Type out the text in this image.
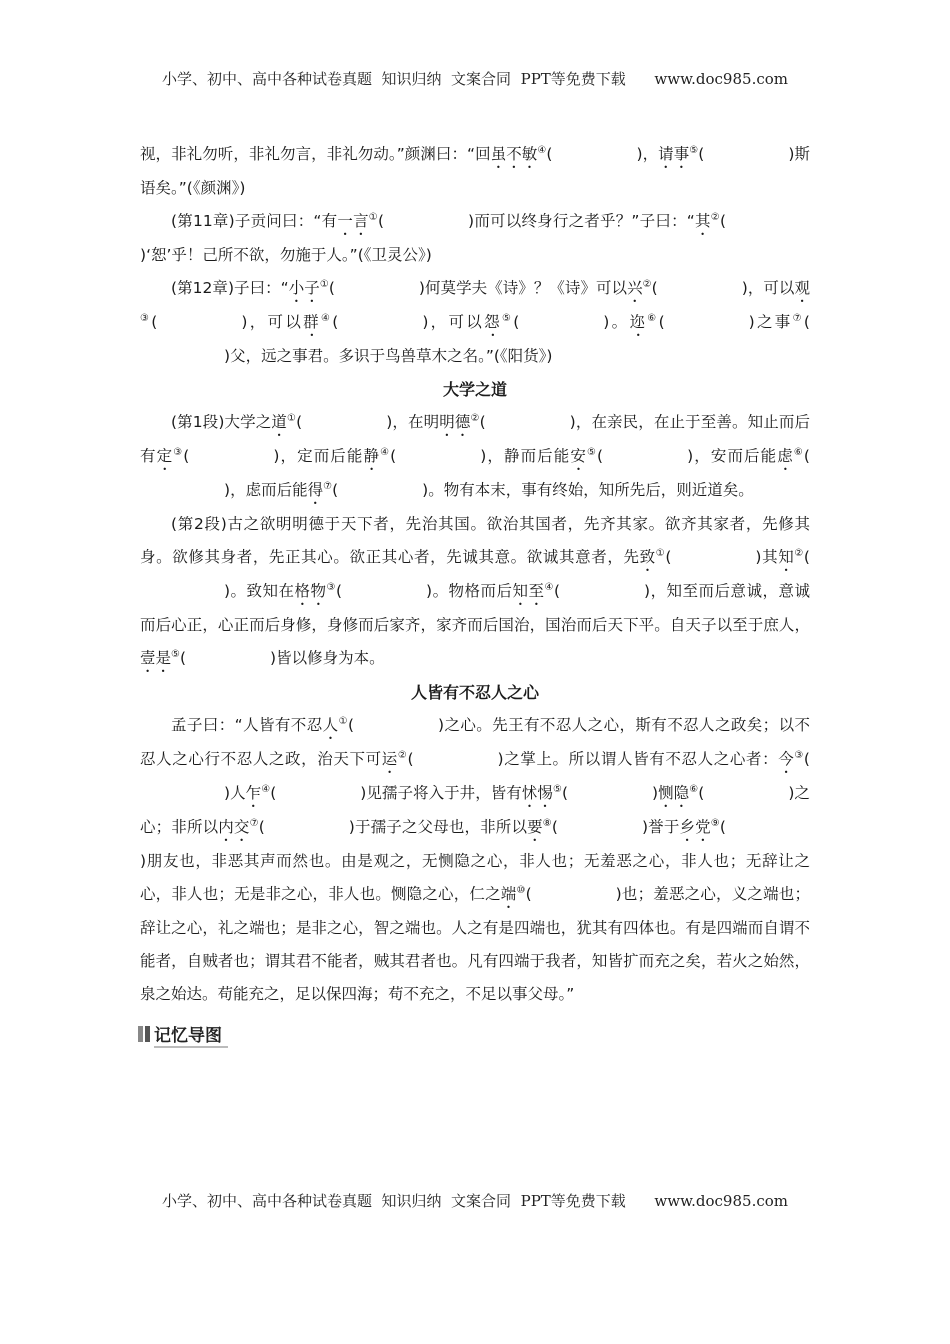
小学、初中、高中各种试卷真题  知识归纳  文案合同  PPT等免费下载      www.doc985.com

视，非礼勿听，非礼勿言，非礼勿动。”颜渊曰：“回虽不敏④(	)，请事⑤(	)斯语矣。”(《颜渊》)

(第11章)子贡问曰：“有一言①(	)而可以终身行之者乎？”子曰：“其②()‘恕’乎！己所不欲，勿施于人。”(《卫灵公》)

(第12章)子曰：“小子①(	)何莫学夫《诗》？《诗》可以兴②(	)，可以观③(	)，可以群④(	)，可以怨⑤(	)。迩⑥(	)之事⑦()父，远之事君。多识于鸟兽草木之名。”(《阳货》)

大学之道

(第1段)大学之道①(	)，在明明德②(	)，在亲民，在止于至善。知止而后有定③(	)，定而后能静④(	)，静而后能安⑤(	)，安而后能虑⑥()，虑而后能得⑦(	)。物有本末，事有终始，知所先后，则近道矣。

(第2段)古之欲明明德于天下者，先治其国。欲治其国者，先齐其家。欲齐其家者，先修其身。欲修其身者，先正其心。欲正其心者，先诚其意。欲诚其意者，先致①(	)其知②()。致知在格物③(	)。物格而后知至④(	)，知至而后意诚，意诚而后心正，心正而后身修，身修而后家齐，家齐而后国治，国治而后天下平。自天子以至于庶人，壹是⑤(	)皆以修身为本。

人皆有不忍人之心

孟子曰：“人皆有不忍人①(	)之心。先王有不忍人之心，斯有不忍人之政矣；以不忍人之心行不忍人之政，治天下可运②(	)之掌上。所以谓人皆有不忍人之心者：今③()人乍④(	)见孺子将入于井，皆有怵惕⑤(	)恻隐⑥(	)之心；非所以内交⑦(	)于孺子之父母也，非所以要⑧(	)誉于乡党⑨()朋友也，非恶其声而然也。由是观之，无恻隐之心，非人也；无羞恶之心，非人也；无辞让之心，非人也；无是非之心，非人也。恻隐之心，仁之端⑩(	)也；羞恶之心，义之端也；辞让之心，礼之端也；是非之心，智之端也。人之有是四端也，犹其有四体也。有是四端而自谓不能者，自贼者也；谓其君不能者，贼其君者也。凡有四端于我者，知皆扩而充之矣，若火之始然，泉之始达。苟能充之，足以保四海；苟不充之，不足以事父母。”

记忆导图
小学、初中、高中各种试卷真题  知识归纳  文案合同  PPT等免费下载      www.doc985.com
